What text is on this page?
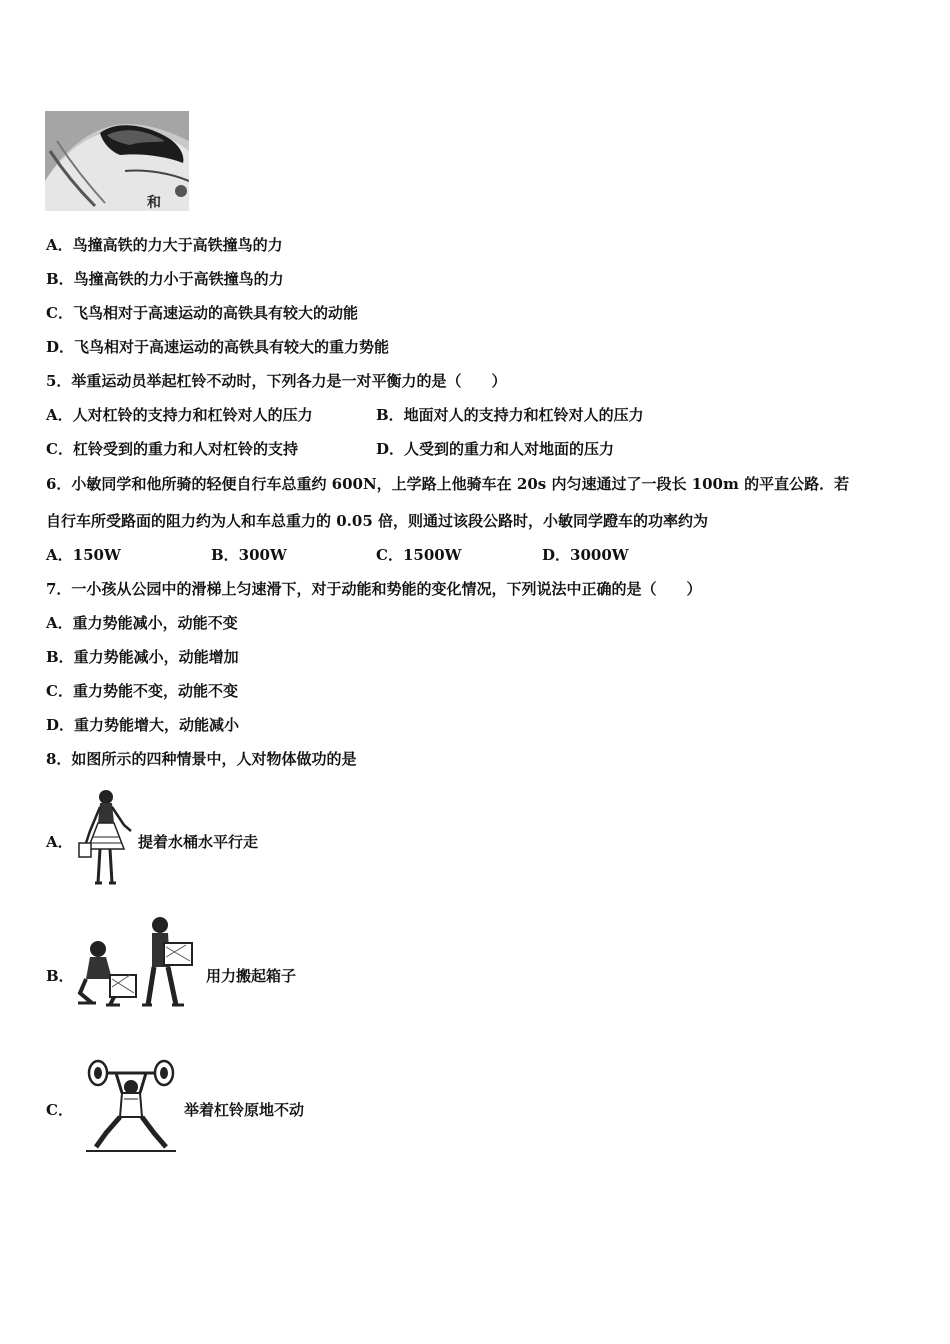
和
A．鸟撞高铁的力大于高铁撞鸟的力
B．鸟撞高铁的力小于高铁撞鸟的力
C．飞鸟相对于高速运动的高铁具有较大的动能
D．飞鸟相对于高速运动的高铁具有较大的重力势能
5．举重运动员举起杠铃不动时，下列各力是一对平衡力的是（　　）
A．人对杠铃的支持力和杠铃对人的压力	B．地面对人的支持力和杠铃对人的压力
C．杠铃受到的重力和人对杠铃的支持	D．人受到的重力和人对地面的压力
6．小敏同学和他所骑的轻便自行车总重约 600N，上学路上他骑车在 20s 内匀速通过了一段长 100m 的平直公路．若
自行车所受路面的阻力约为人和车总重力的 0.05 倍，则通过该段公路时，小敏同学蹬车的功率约为
A．150W	B．300W	C．1500W	D．3000W
7．一小孩从公园中的滑梯上匀速滑下，对于动能和势能的变化情况，下列说法中正确的是（　　）
A．重力势能减小，动能不变
B．重力势能减小，动能增加
C．重力势能不变，动能不变
D．重力势能增大，动能减小
8．如图所示的四种情景中，人对物体做功的是
A．	提着水桶水平行走
B．	用力搬起箱子
C．	举着杠铃原地不动
